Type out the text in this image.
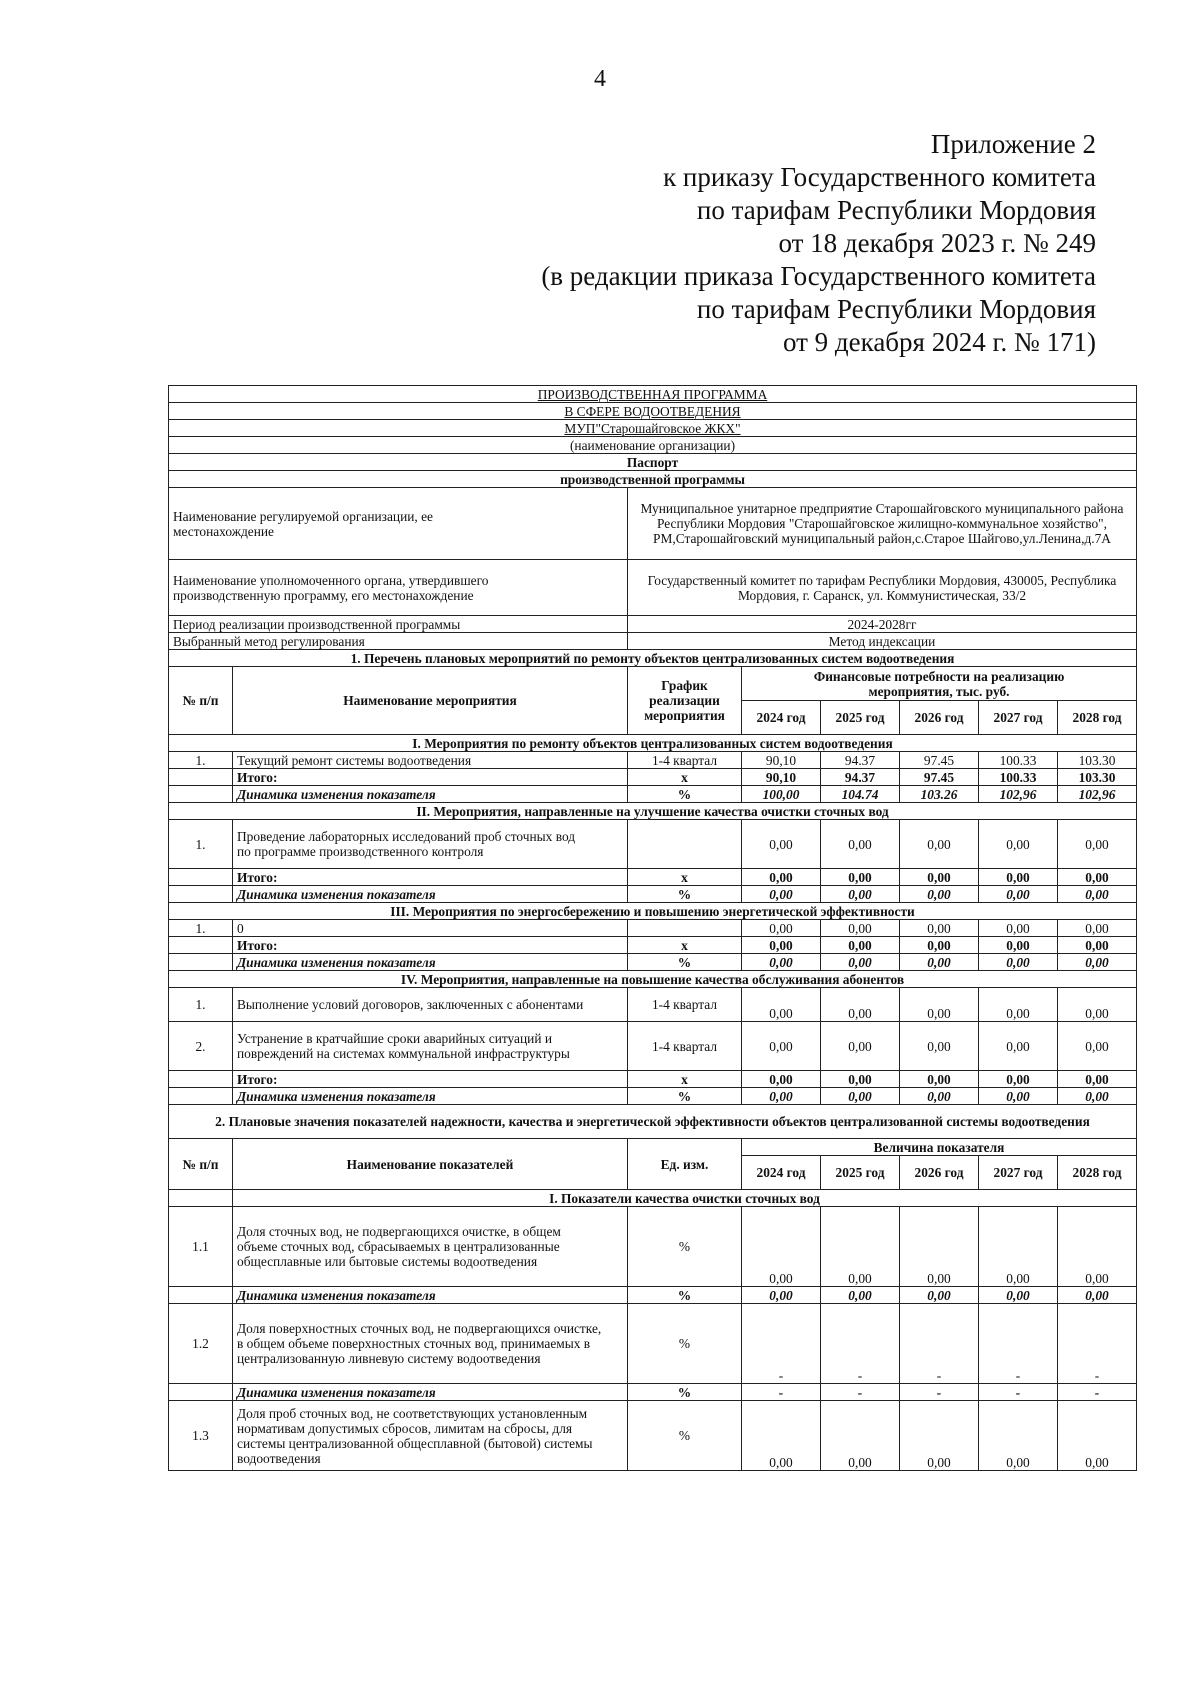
4
Приложение 2
к приказу Государственного комитета
по тарифам Республики Мордовия
от 18 декабря 2023 г. № 249
(в редакции приказа Государственного комитета
по тарифам Республики Мордовия
от 9 декабря 2024 г. № 171)
ПРОИЗВОДСТВЕННАЯ ПРОГРАММА							
В СФЕРЕ ВОДООТВЕДЕНИЯ							
МУП"Старошайговское ЖКХ"							
(наименование организации)							
Паспорт							
производственной программы							
Наименование регулируемой организации, ее местонахождение		Муниципальное унитарное предприятие Старошайговского муниципального района Республики Мордовия "Старошайговское жилищно-коммунальное хозяйство", РМ,Старошайговский муниципальный район,с.Старое Шайгово,ул.Ленина,д.7А					
Наименование уполномоченного органа, утвердившего производственную программу, его местонахождение		Государственный комитет по тарифам Республики Мордовия, 430005, Республика Мордовия, г. Саранск, ул. Коммунистическая, 33/2					
Период реализации производственной программы		2024-2028гг					
Выбранный метод регулирования		Метод индексации					
1. Перечень плановых мероприятий по ремонту объектов централизованных систем водоотведения							
№ п/п	Наименование мероприятия	График реализации мероприятия	Финансовые потребности на реализацию мероприятия, тыс. руб.				
			2024 год	2025 год	2026 год	2027 год	2028 год
I. Мероприятия по ремонту объектов централизованных систем водоотведения							
1.	Текущий ремонт системы водоотведения	1-4 квартал	90,10	94.37	97.45	100.33	103.30
	Итого:	х	90,10	94.37	97.45	100.33	103.30
	Динамика изменения показателя	%	100,00	104.74	103.26	102,96	102,96
II. Мероприятия, направленные на улучшение качества очистки сточных вод							
1.	Проведение лабораторных исследований проб сточных вод по программе производственного контроля		0,00	0,00	0,00	0,00	0,00
	Итого:	х	0,00	0,00	0,00	0,00	0,00
	Динамика изменения показателя	%	0,00	0,00	0,00	0,00	0,00
III. Мероприятия по энергосбережению и повышению энергетической эффективности							
1.	0		0,00	0,00	0,00	0,00	0,00
	Итого:	х	0,00	0,00	0,00	0,00	0,00
	Динамика изменения показателя	%	0,00	0,00	0,00	0,00	0,00
IV. Мероприятия, направленные на повышение качества обслуживания абонентов							
1.	Выполнение условий договоров, заключенных с абонентами	1-4 квартал	0,00	0,00	0,00	0,00	0,00
2.	Устранение в кратчайшие сроки аварийных ситуаций и повреждений на системах коммунальной инфраструктуры	1-4 квартал	0,00	0,00	0,00	0,00	0,00
	Итого:	х	0,00	0,00	0,00	0,00	0,00
	Динамика изменения показателя	%	0,00	0,00	0,00	0,00	0,00
2. Плановые значения показателей надежности, качества и энергетической эффективности объектов централизованной системы водоотведения							
№ п/п	Наименование показателей	Ед. изм.	Величина показателя				
			2024 год	2025 год	2026 год	2027 год	2028 год
	I. Показатели качества очистки сточных вод						
1.1	Доля сточных вод, не подвергающихся очистке, в общем объеме сточных вод, сбрасываемых в централизованные общесплавные или бытовые системы водоотведения	%	0,00	0,00	0,00	0,00	0,00
	Динамика изменения показателя	%	0,00	0,00	0,00	0,00	0,00
1.2	Доля поверхностных сточных вод, не подвергающихся очистке, в общем объеме поверхностных сточных вод, принимаемых в централизованную ливневую систему водоотведения	%	-	-	-	-	-
	Динамика изменения показателя	%	-	-	-	-	-
1.3	Доля проб сточных вод, не соответствующих установленным нормативам допустимых сбросов, лимитам на сбросы, для системы централизованной общесплавной (бытовой) системы водоотведения	%	0,00	0,00	0,00	0,00	0,00
